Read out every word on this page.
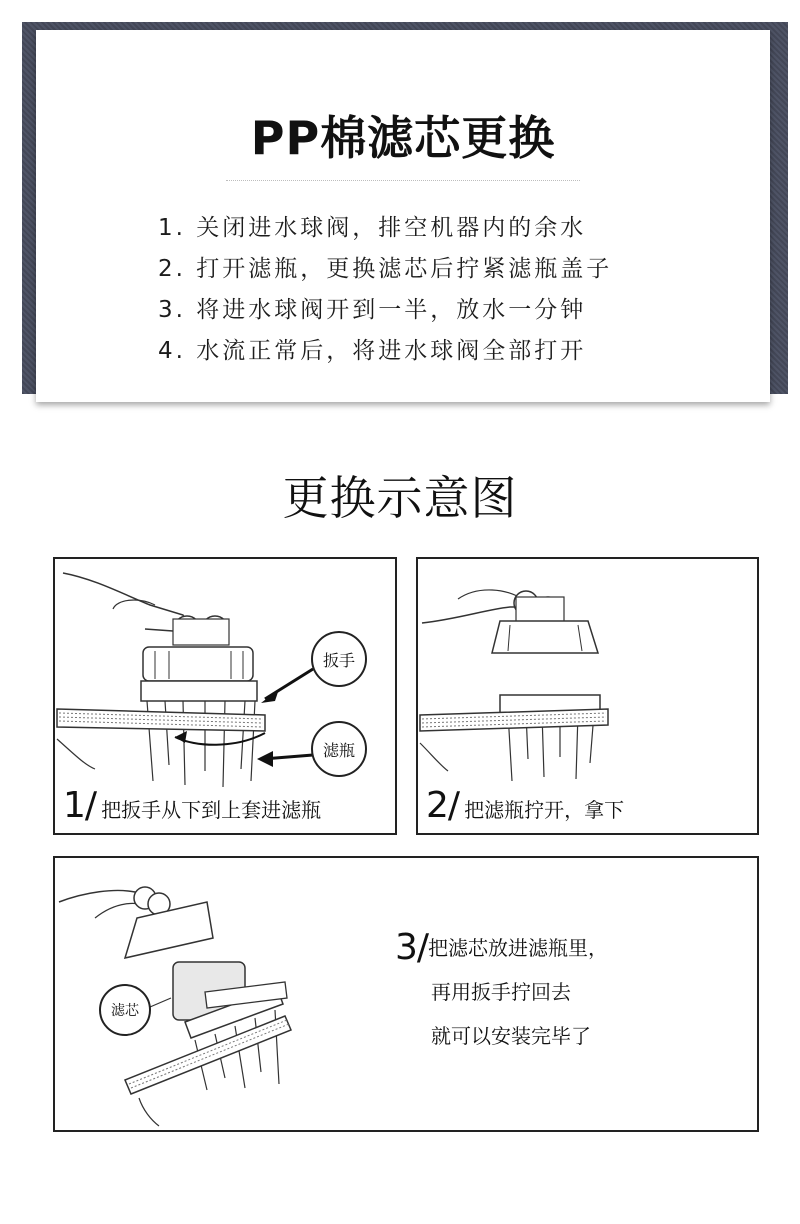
PP棉滤芯更换
1. 关闭进水球阀，排空机器内的余水
2. 打开滤瓶，更换滤芯后拧紧滤瓶盖子
3. 将进水球阀开到一半，放水一分钟
4. 水流正常后，将进水球阀全部打开
更换示意图
扳手
滤瓶
1/ 把扳手从下到上套进滤瓶	2/ 把滤瓶拧开，拿下
滤芯
3/把滤芯放进滤瓶里，
再用扳手拧回去
就可以安装完毕了
